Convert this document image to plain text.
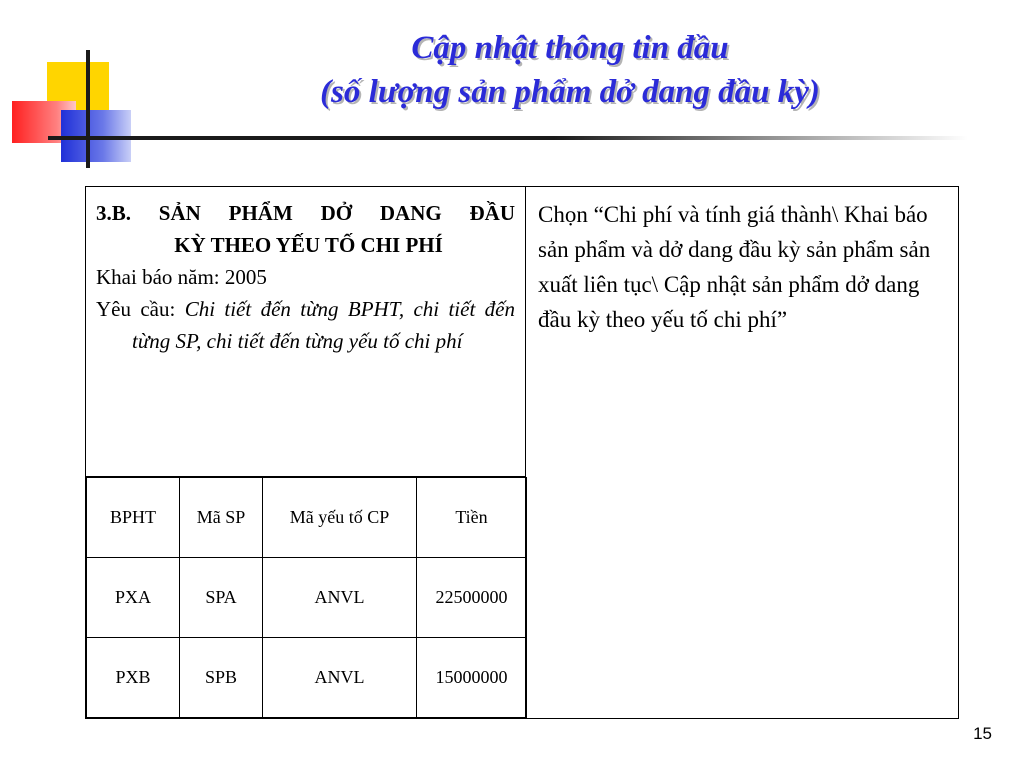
Cập nhật thông tin đầu
(số lượng sản phẩm dở dang đầu kỳ)
3.B. SẢN PHẨM DỞ DANG ĐẦU
KỲ THEO YẾU TỐ CHI PHÍ
Khai báo năm: 2005
Yêu cầu: Chi tiết đến từng BPHT, chi tiết đến từng SP, chi tiết đến từng yếu tố chi phí

Chọn “Chi phí và tính giá thành\ Khai báo sản phẩm và dở dang đầu kỳ sản phẩm sản xuất liên tục\ Cập nhật sản phẩm dở dang đầu kỳ theo yếu tố chi phí”

BPHT	Mã SP	Mã yếu tố CP	Tiền
PXA	SPA	ANVL	22500000
PXB	SPB	ANVL	15000000
15
